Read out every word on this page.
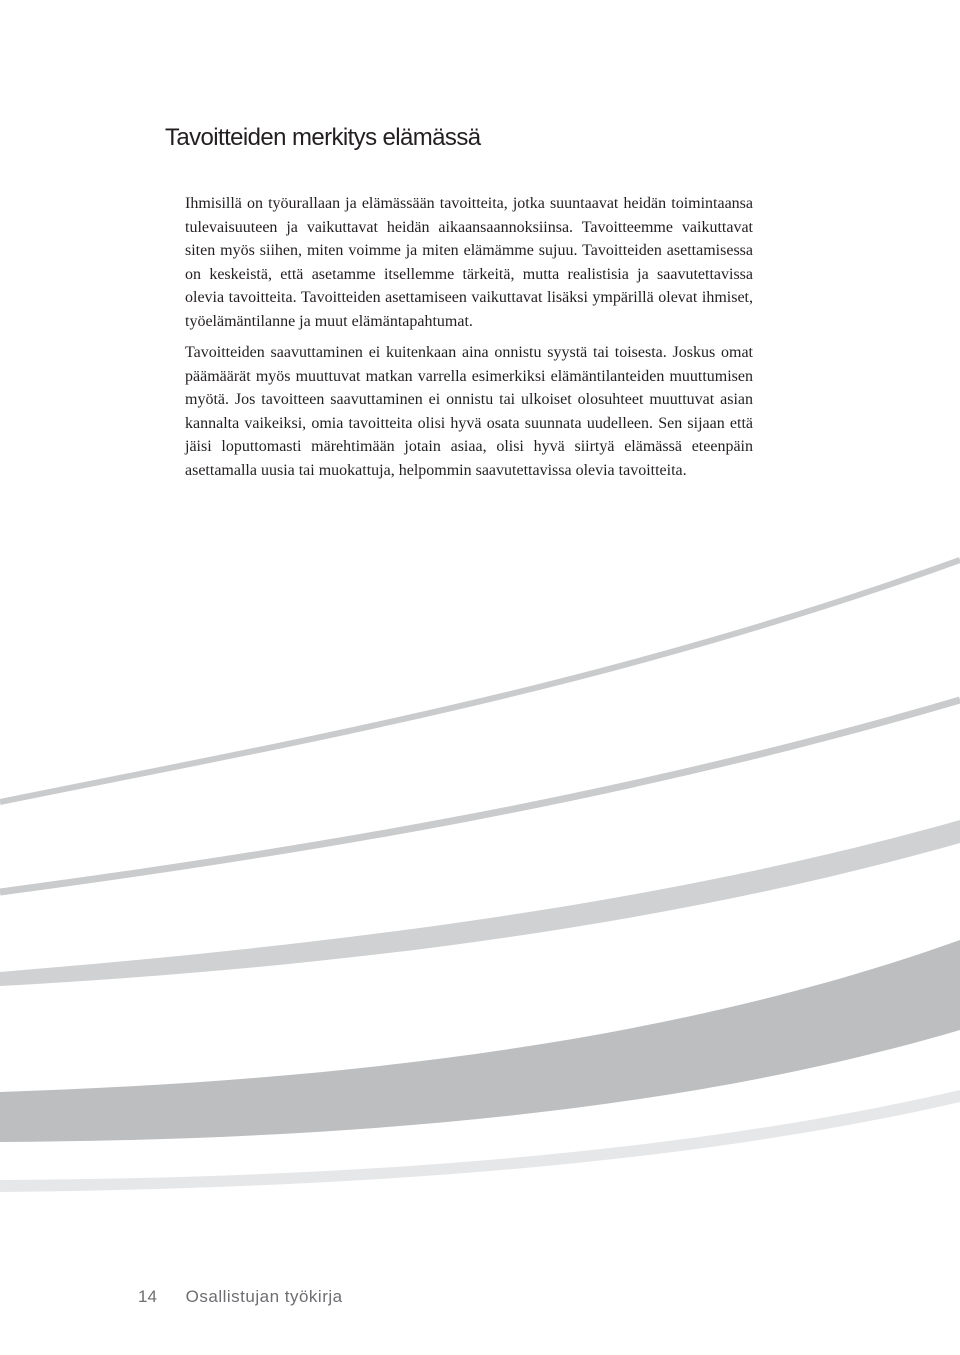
Tavoitteiden merkitys elämässä

Ihmisillä on työurallaan ja elämässään tavoitteita, jotka suuntaavat heidän toimintaansa tulevaisuuteen ja vaikuttavat heidän aikaansaannoksiinsa. Tavoitteemme vaikuttavat siten myös siihen, miten voimme ja miten elämämme sujuu. Tavoitteiden asettamisessa on keskeistä, että asetamme itsellemme tärkeitä, mutta realistisia ja saavutettavissa olevia tavoitteita. Tavoitteiden asettamiseen vaikuttavat lisäksi ympärillä olevat ihmiset, työelämäntilanne ja muut elämäntapahtumat.

Tavoitteiden saavuttaminen ei kuitenkaan aina onnistu syystä tai toisesta. Joskus omat päämäärät myös muuttuvat matkan varrella esimerkiksi elämäntilanteiden muuttumisen myötä. Jos tavoitteen saavuttaminen ei onnistu tai ulkoiset olosuhteet muuttuvat asian kannalta vaikeiksi, omia tavoitteita olisi hyvä osata suunnata uudelleen. Sen sijaan että jäisi loputtomasti märehtimään jotain asiaa, olisi hyvä siirtyä elämässä eteenpäin asettamalla uusia tai muokattuja, helpommin saavutettavissa olevia tavoitteita.

14 Osallistujan työkirja
